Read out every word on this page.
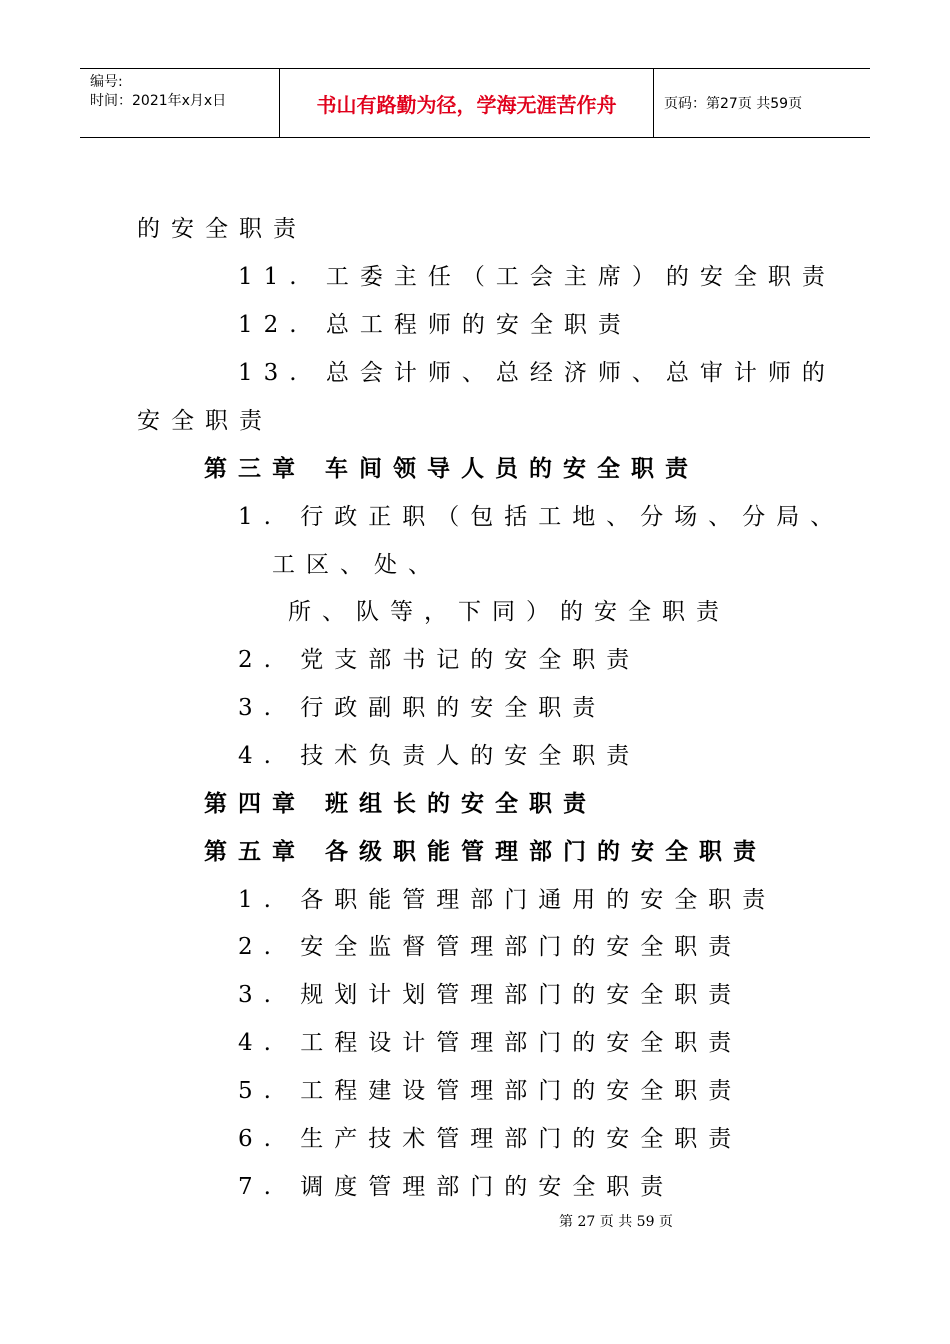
编号:
时间：2021年x月x日	书山有路勤为径，学海无涯苦作舟	页码：第27页 共59页
的安全职责
11. 工委主任（工会主席）的安全职责
12. 总工程师的安全职责
13. 总会计师、总经济师、总审计师的
安全职责
第三章 车间领导人员的安全职责
1. 行政正职（包括工地、分场、分局、
工区、处、
所、队等，下同）的安全职责
2. 党支部书记的安全职责
3. 行政副职的安全职责
4. 技术负责人的安全职责
第四章 班组长的安全职责
第五章 各级职能管理部门的安全职责
1. 各职能管理部门通用的安全职责
2. 安全监督管理部门的安全职责
3. 规划计划管理部门的安全职责
4. 工程设计管理部门的安全职责
5. 工程建设管理部门的安全职责
6. 生产技术管理部门的安全职责
7. 调度管理部门的安全职责
第 27 页 共 59 页
